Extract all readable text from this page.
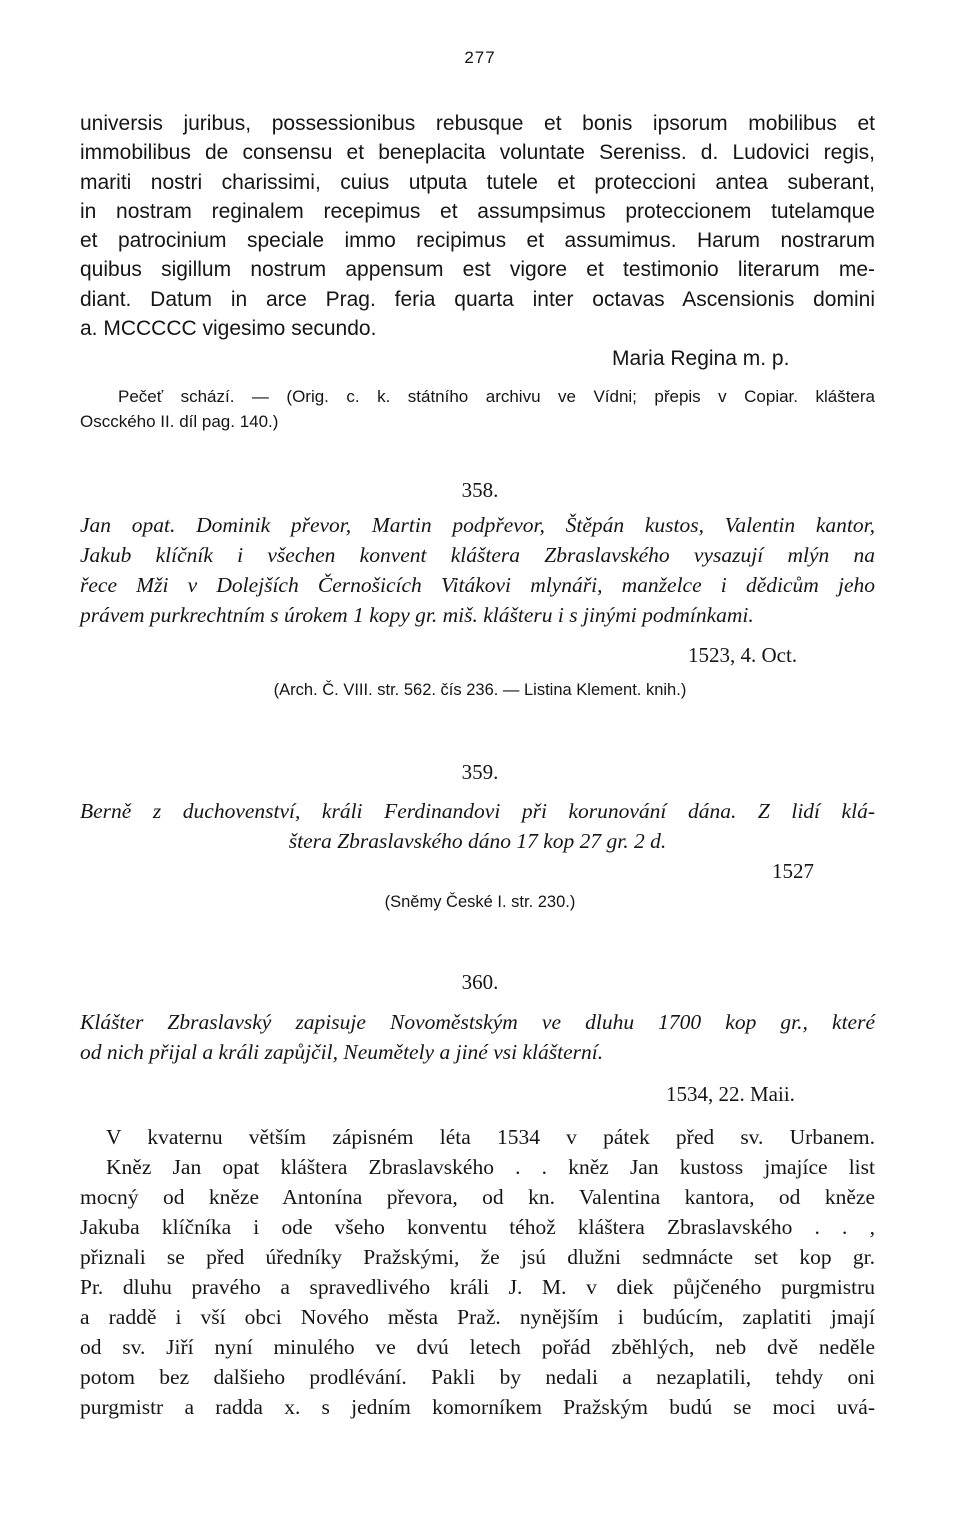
277
universis juribus, possessionibus rebusque et bonis ipsorum mobilibus et
immobilibus de consensu et beneplacita voluntate Sereniss. d. Ludovici regis,
mariti nostri charissimi, cuius utputa tutele et proteccioni antea suberant,
in nostram reginalem recepimus et assumpsimus proteccionem tutelamque
et patrocinium speciale immo recipimus et assumimus. Harum nostrarum
quibus sigillum nostrum appensum est vigore et testimonio literarum me-
diant. Datum in arce Prag. feria quarta inter octavas Ascensionis domini
a. MCCCCC vigesimo secundo.
Maria Regina m. p.
Pečeť schází. — (Orig. c. k. státního archivu ve Vídni; přepis v Copiar. kláštera
Oscckého II. díl pag. 140.)
358.
Jan opat. Dominik převor, Martin podpřevor, Štěpán kustos, Valentin kantor,
Jakub klíčník i všechen konvent kláštera Zbraslavského vysazují mlýn na
řece Mži v Dolejších Černošicích Vitákovi mlynáři, manželce i dědicům jeho
právem purkrechtním s úrokem 1 kopy gr. miš. klášteru i s jinými podmínkami.
1523, 4. Oct.
(Arch. Č. VIII. str. 562. čís 236. — Listina Klement. knih.)
359.
Berně z duchovenství, králi Ferdinandovi při korunování dána. Z lidí klá-
štera Zbraslavského dáno 17 kop 27 gr. 2 d.
1527
(Sněmy České I. str. 230.)
360.
Klášter Zbraslavský zapisuje Novoměstským ve dluhu 1700 kop gr., které
od nich přijal a králi zapůjčil, Neumětely a jiné vsi klášterní.
1534, 22. Maii.
V kvaternu větším zápisném léta 1534 v pátek před sv. Urbanem.
Kněz Jan opat kláštera Zbraslavského . . kněz Jan kustoss jmajíce list
mocný od kněze Antonína převora, od kn. Valentina kantora, od kněze
Jakuba klíčníka i ode všeho konventu téhož kláštera Zbraslavského . . ,
přiznali se před úředníky Pražskými, že jsú dlužni sedmnácte set kop gr.
Pr. dluhu pravého a spravedlivého králi J. M. v diek půjčeného purgmistru
a raddě i vší obci Nového města Praž. nynějším i budúcím, zaplatiti jmají
od sv. Jiří nyní minulého ve dvú letech pořád zběhlých, neb dvě neděle
potom bez dalšieho prodlévání. Pakli by nedali a nezaplatili, tehdy oni
purgmistr a radda x. s jedním komorníkem Pražským budú se moci uvá-
